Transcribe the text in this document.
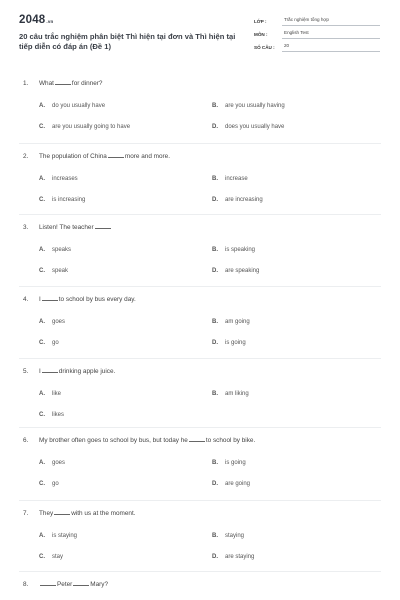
2048.vn
20 câu trắc nghiệm phân biệt Thì hiện tại đơn và Thì hiện tại tiếp diễn có đáp án (Đề 1)
LỚP :	Trắc nghiệm tổng hợp
MÔN :	English Test
SỐ CÂU :	20
1. What	for dinner?
A. do you usually have	B. are you usually having
C. are you usually going to have	D. does you usually have
2. The population of China	more and more.
A. increases	B. increase
C. is increasing	D. are increasing
3. Listen! The teacher
A. speaks	B. is speaking
C. speak	D. are speaking
4. I	to school by bus every day.
A. goes	B. am going
C. go	D. is going
5. I	drinking apple juice.
A. like	B. am liking
C. likes
6. My brother often goes to school by bus, but today he	to school by bike.
A. goes	B. is going
C. go	D. are going
7. They	with us at the moment.
A. is staying	B. staying
C. stay	D. are staying
8.	Peter	Mary?
